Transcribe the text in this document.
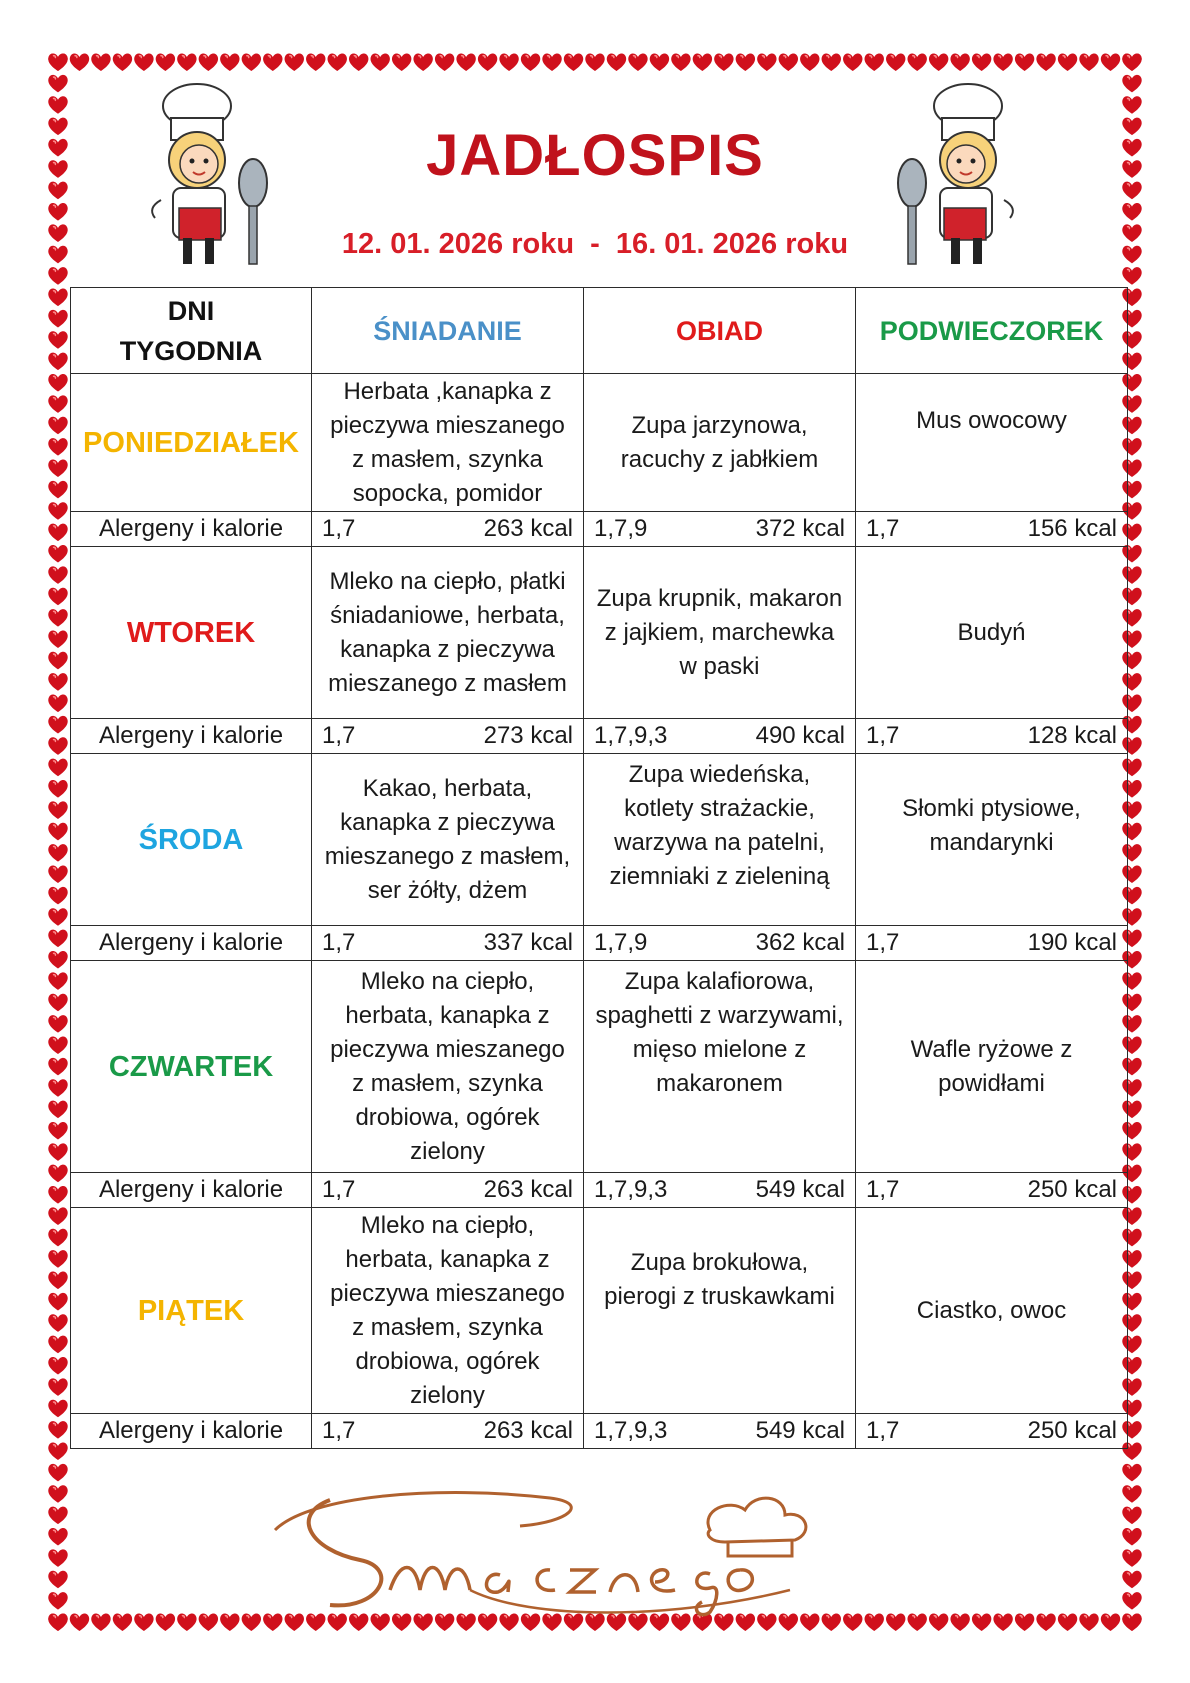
JADŁOSPIS
12. 01. 2026 roku  -  16. 01. 2026 roku
DNI TYGODNIA	ŚNIADANIE	OBIAD	PODWIECZOREK
PONIEDZIAŁEK	Herbata ,kanapka z pieczywa mieszanego z masłem, szynka sopocka, pomidor	Zupa jarzynowa, racuchy z jabłkiem	Mus owocowy
Alergeny i kalorie	1,7 263 kcal	1,7,9 372 kcal	1,7 156 kcal

WTOREK	Mleko na ciepło, płatki śniadaniowe, herbata, kanapka z pieczywa mieszanego z masłem	Zupa krupnik, makaron z jajkiem, marchewka w paski	Budyń
Alergeny i kalorie	1,7 273 kcal	1,7,9,3 490 kcal	1,7 128 kcal

ŚRODA	Kakao, herbata, kanapka z pieczywa mieszanego z masłem, ser żółty, dżem	Zupa wiedeńska, kotlety strażackie, warzywa na patelni, ziemniaki z zieleniną	Słomki ptysiowe, mandarynki
Alergeny i kalorie	1,7 337 kcal	1,7,9 362 kcal	1,7 190 kcal

CZWARTEK	Mleko na ciepło, herbata, kanapka z pieczywa mieszanego z masłem, szynka drobiowa, ogórek zielony	Zupa kalafiorowa, spaghetti z warzywami, mięso mielone z makaronem	Wafle ryżowe z powidłami
Alergeny i kalorie	1,7 263 kcal	1,7,9,3 549 kcal	1,7 250 kcal

PIĄTEK	Mleko na ciepło, herbata, kanapka z pieczywa mieszanego z masłem, szynka drobiowa, ogórek zielony	Zupa brokułowa, pierogi z truskawkami	Ciastko, owoc
Alergeny i kalorie	1,7 263 kcal	1,7,9,3 549 kcal	1,7 250 kcal
